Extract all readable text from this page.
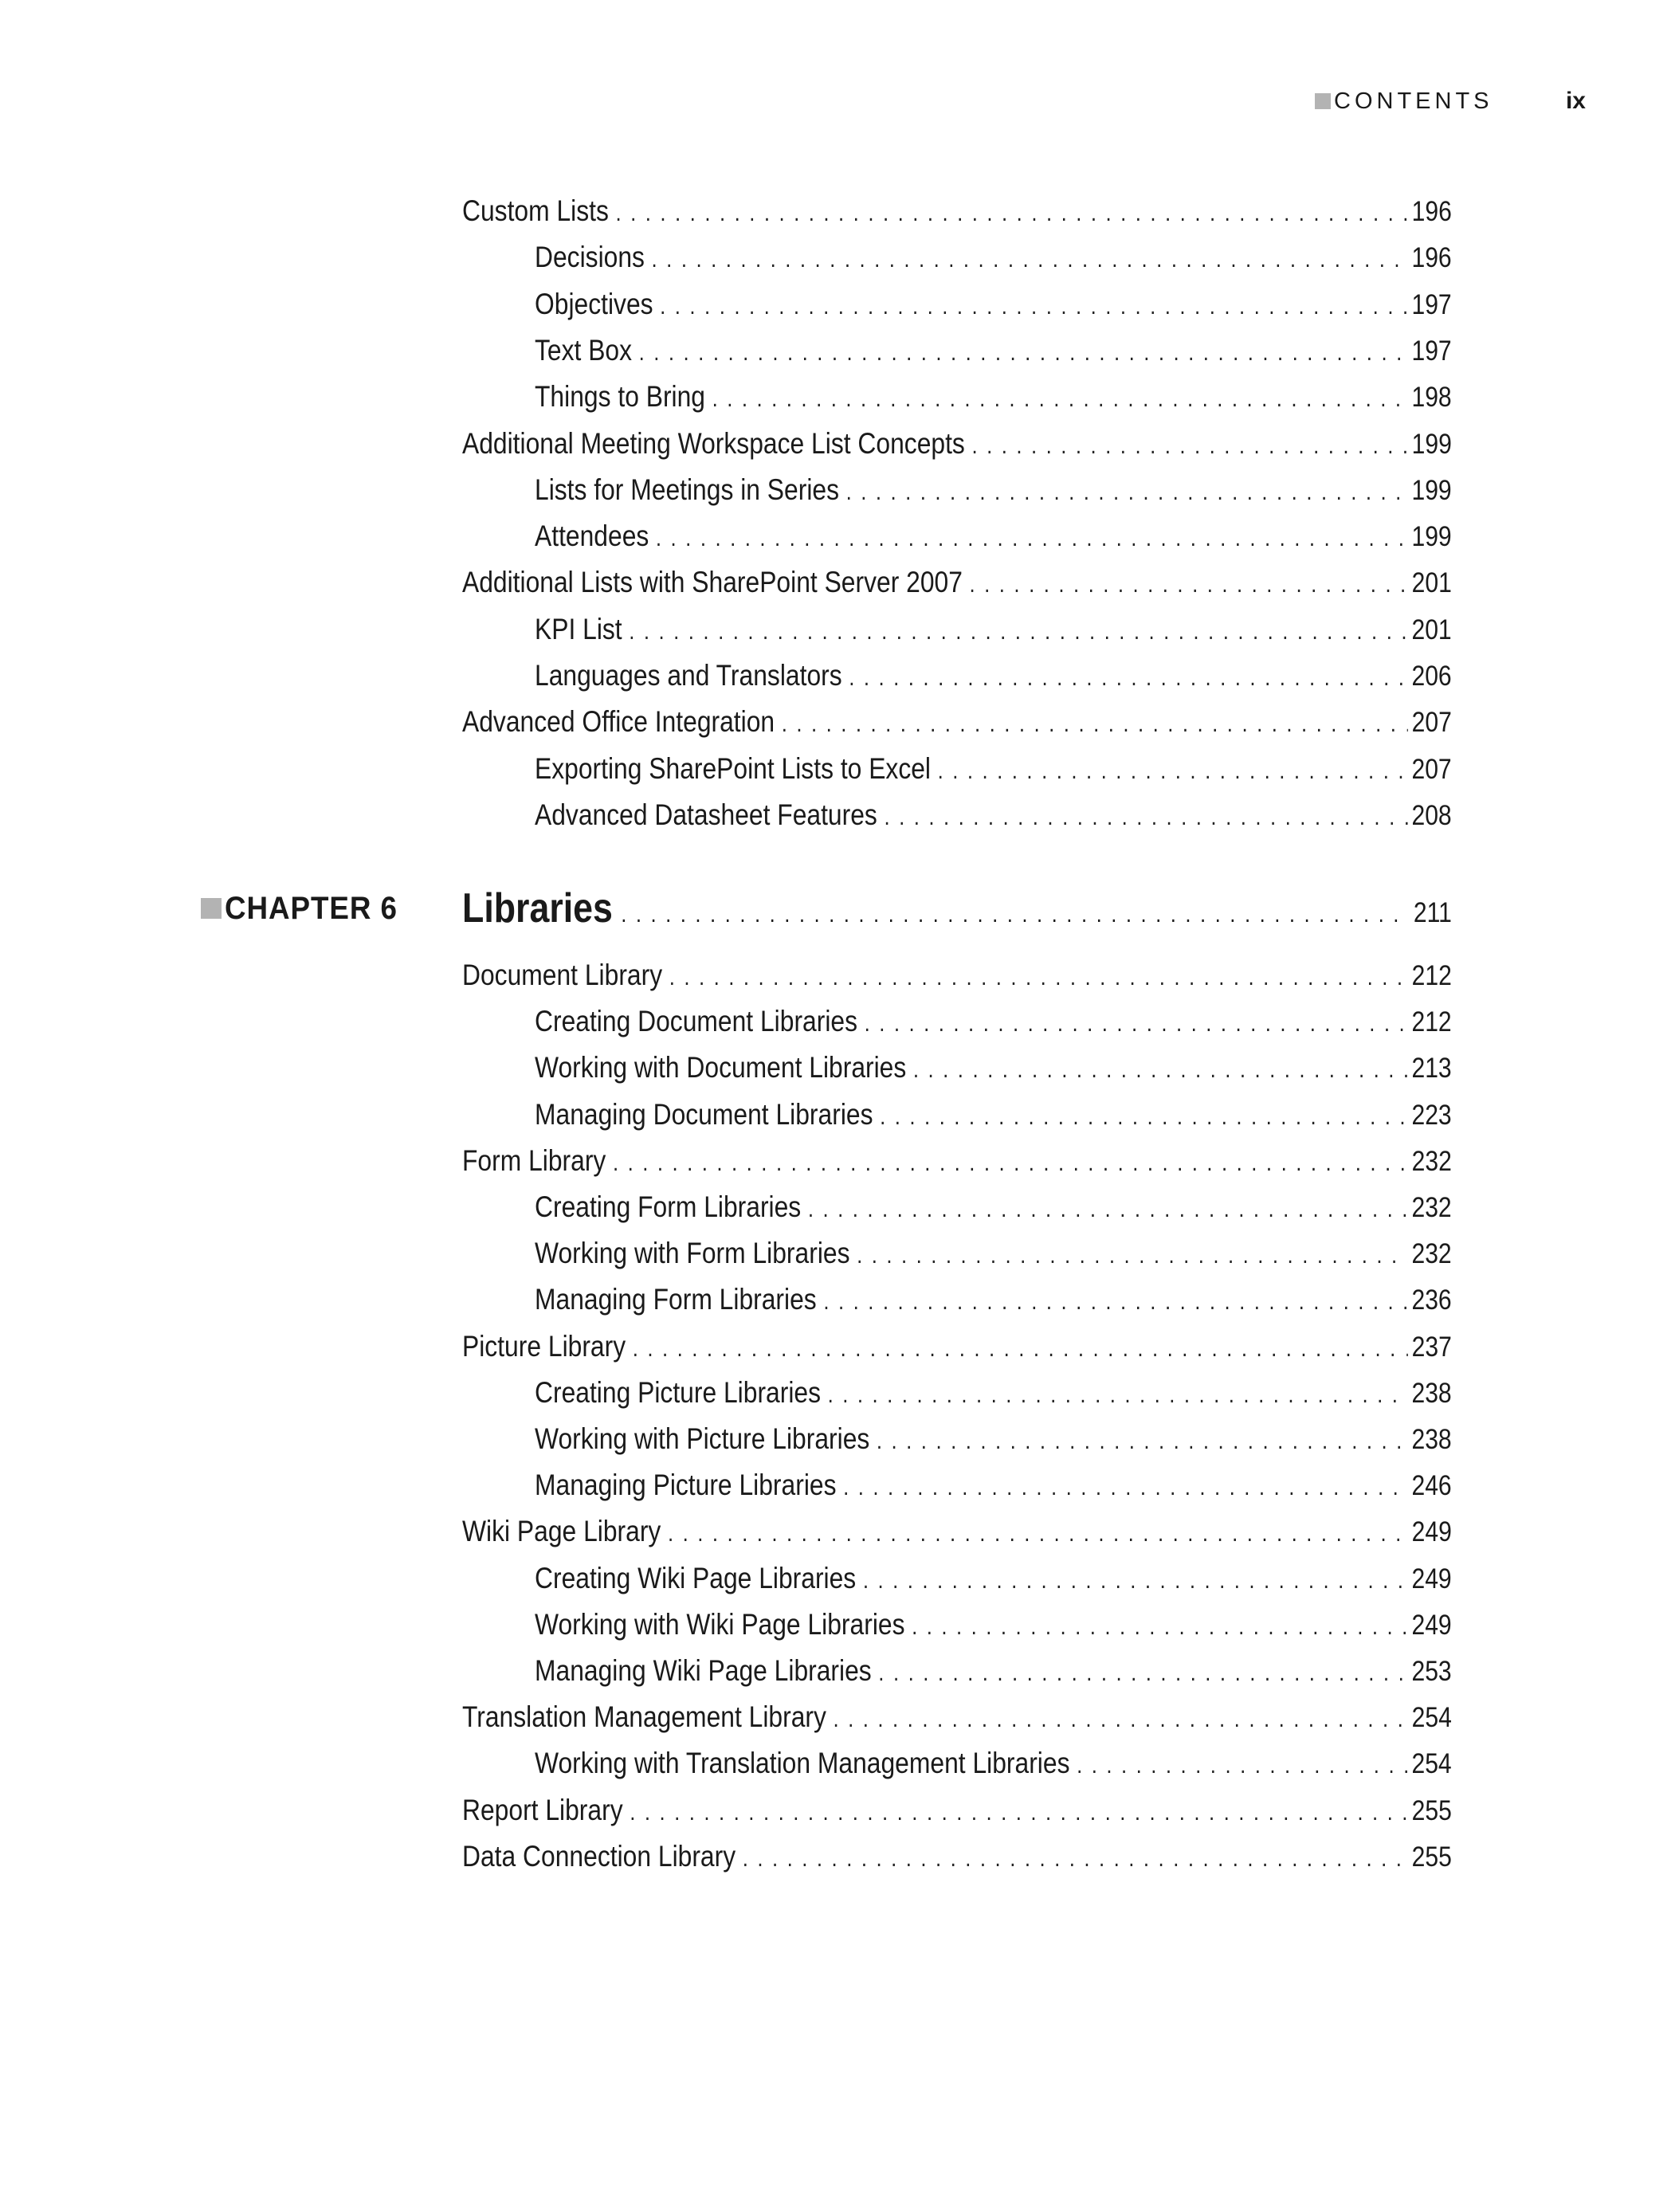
CONTENTS	ix
Custom Lists . . .	196
Decisions . . .	196
Objectives . . .	197
Text Box . . .	197
Things to Bring . . .	198
Additional Meeting Workspace List Concepts . . .	199
Lists for Meetings in Series . . .	199
Attendees . . .	199
Additional Lists with SharePoint Server 2007 . . .	201
KPI List . . .	201
Languages and Translators . . .	206
Advanced Office Integration . . .	207
Exporting SharePoint Lists to Excel . . .	207
Advanced Datasheet Features . . .	208
CHAPTER 6 Libraries . . .	211
Document Library . . .	212
Creating Document Libraries . . .	212
Working with Document Libraries . . .	213
Managing Document Libraries . . .	223
Form Library . . .	232
Creating Form Libraries . . .	232
Working with Form Libraries . . .	232
Managing Form Libraries . . .	236
Picture Library . . .	237
Creating Picture Libraries . . .	238
Working with Picture Libraries . . .	238
Managing Picture Libraries . . .	246
Wiki Page Library . . .	249
Creating Wiki Page Libraries . . .	249
Working with Wiki Page Libraries . . .	249
Managing Wiki Page Libraries . . .	253
Translation Management Library . . .	254
Working with Translation Management Libraries . . .	254
Report Library . . .	255
Data Connection Library . . .	255
